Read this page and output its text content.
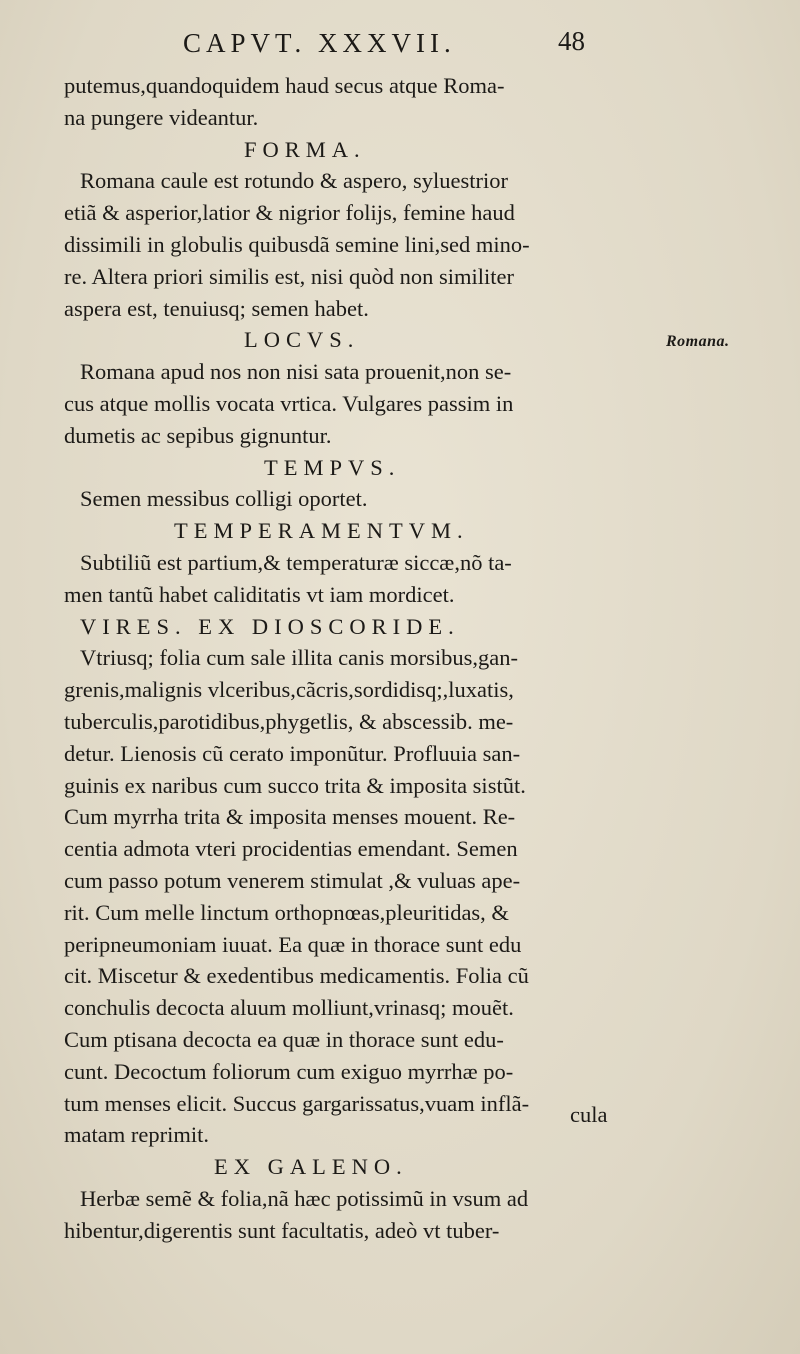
CAPVT. XXXVII.	48
putemus,quandoquidem haud secus atque Roma-
na pungere videantur.
FORMA.
Romana caule est rotundo & aspero, syluestrior
etiã & asperior,latior & nigrior folijs, femine haud
dissimili in globulis quibusdã semine lini,sed mino-
re. Altera priori similis est, nisi quòd non similiter
aspera est, tenuiusq; semen habet.
LOCVS.
Romana apud nos non nisi sata prouenit,non se-
cus atque mollis vocata vrtica. Vulgares passim in
dumetis ac sepibus gignuntur.
TEMPVS.
Semen messibus colligi oportet.
TEMPERAMENTVM.
Subtiliũ est partium,& temperaturæ siccæ,nõ ta-
men tantũ habet caliditatis vt iam mordicet.
VIRES. EX DIOSCORIDE.
Vtriusq; folia cum sale illita canis morsibus,gan-
grenis,malignis vlceribus,cãcris,sordidisq;,luxatis,
tuberculis,parotidibus,phygetlis, & abscessib. me-
detur. Lienosis cũ cerato imponũtur. Profluuia san-
guinis ex naribus cum succo trita & imposita sistũt.
Cum myrrha trita & imposita menses mouent. Re-
centia admota vteri procidentias emendant. Semen
cum passo potum venerem stimulat ,& vuluas ape-
rit. Cum melle linctum orthopnœas,pleuritidas, &
peripneumoniam iuuat. Ea quæ in thorace sunt edu
cit. Miscetur & exedentibus medicamentis. Folia cũ
conchulis decocta aluum molliunt,vrinasq; mouẽt.
Cum ptisana decocta ea quæ in thorace sunt edu-
cunt. Decoctum foliorum cum exiguo myrrhæ po-
tum menses elicit. Succus gargarissatus,vuam inflã-
matam reprimit.
EX GALENO.
Herbæ semẽ & folia,nã hæc potissimũ in vsum ad
hibentur,digerentis sunt facultatis, adeò vt tuber-
Romana.
cula
